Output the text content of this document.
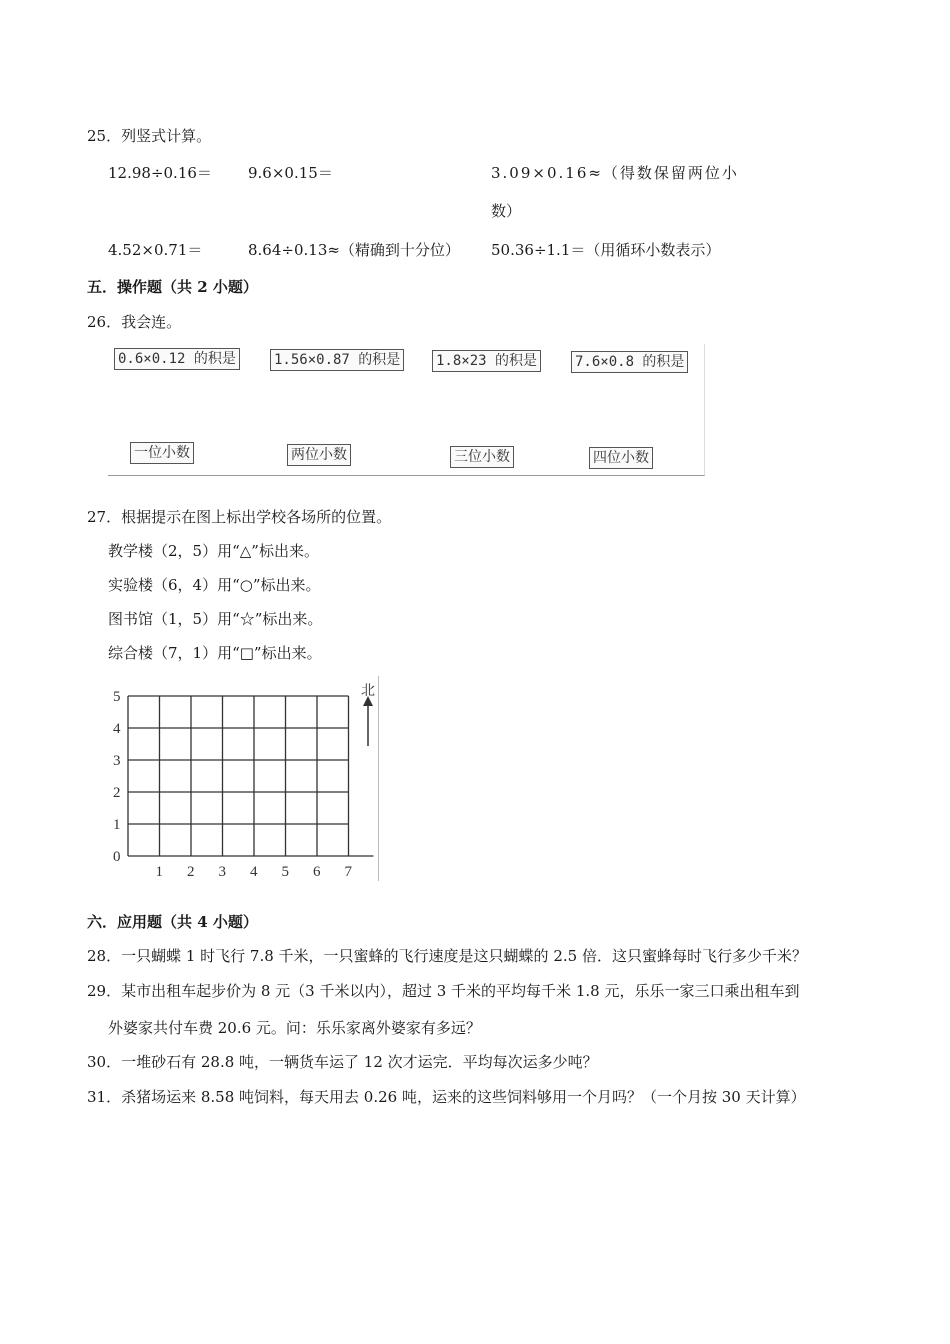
25．列竖式计算。
12.98÷0.16＝ 9.6×0.15＝	3.09×0.16≈（得数保留两位小
数）
4.52×0.71＝	8.64÷0.13≈（精确到十分位） 50.36÷1.1＝（用循环小数表示）
五．操作题（共 2 小题）
26．我会连。
0.6×0.12 的积是	1.56×0.87 的积是	1.8×23 的积是	7.6×0.8 的积是
一位小数	两位小数	三位小数	四位小数
27．根据提示在图上标出学校各场所的位置。
教学楼（2，5）用“△”标出来。
实验楼（6，4）用“○”标出来。
图书馆（1，5）用“☆”标出来。
综合楼（7，1）用“□”标出来。
1 2 3 4 5 6 7
0
1
2
3
4
5	北
六．应用题（共 4 小题）
28．一只蝴蝶 1 时飞行 7.8 千米，一只蜜蜂的飞行速度是这只蝴蝶的 2.5 倍．这只蜜蜂每时飞行多少千米？
29．某市出租车起步价为 8 元（3 千米以内），超过 3 千米的平均每千米 1.8 元，乐乐一家三口乘出租车到
外婆家共付车费 20.6 元。问：乐乐家离外婆家有多远？
30．一堆砂石有 28.8 吨，一辆货车运了 12 次才运完．平均每次运多少吨？
31．杀猪场运来 8.58 吨饲料，每天用去 0.26 吨，运来的这些饲料够用一个月吗？（一个月按 30 天计算）
